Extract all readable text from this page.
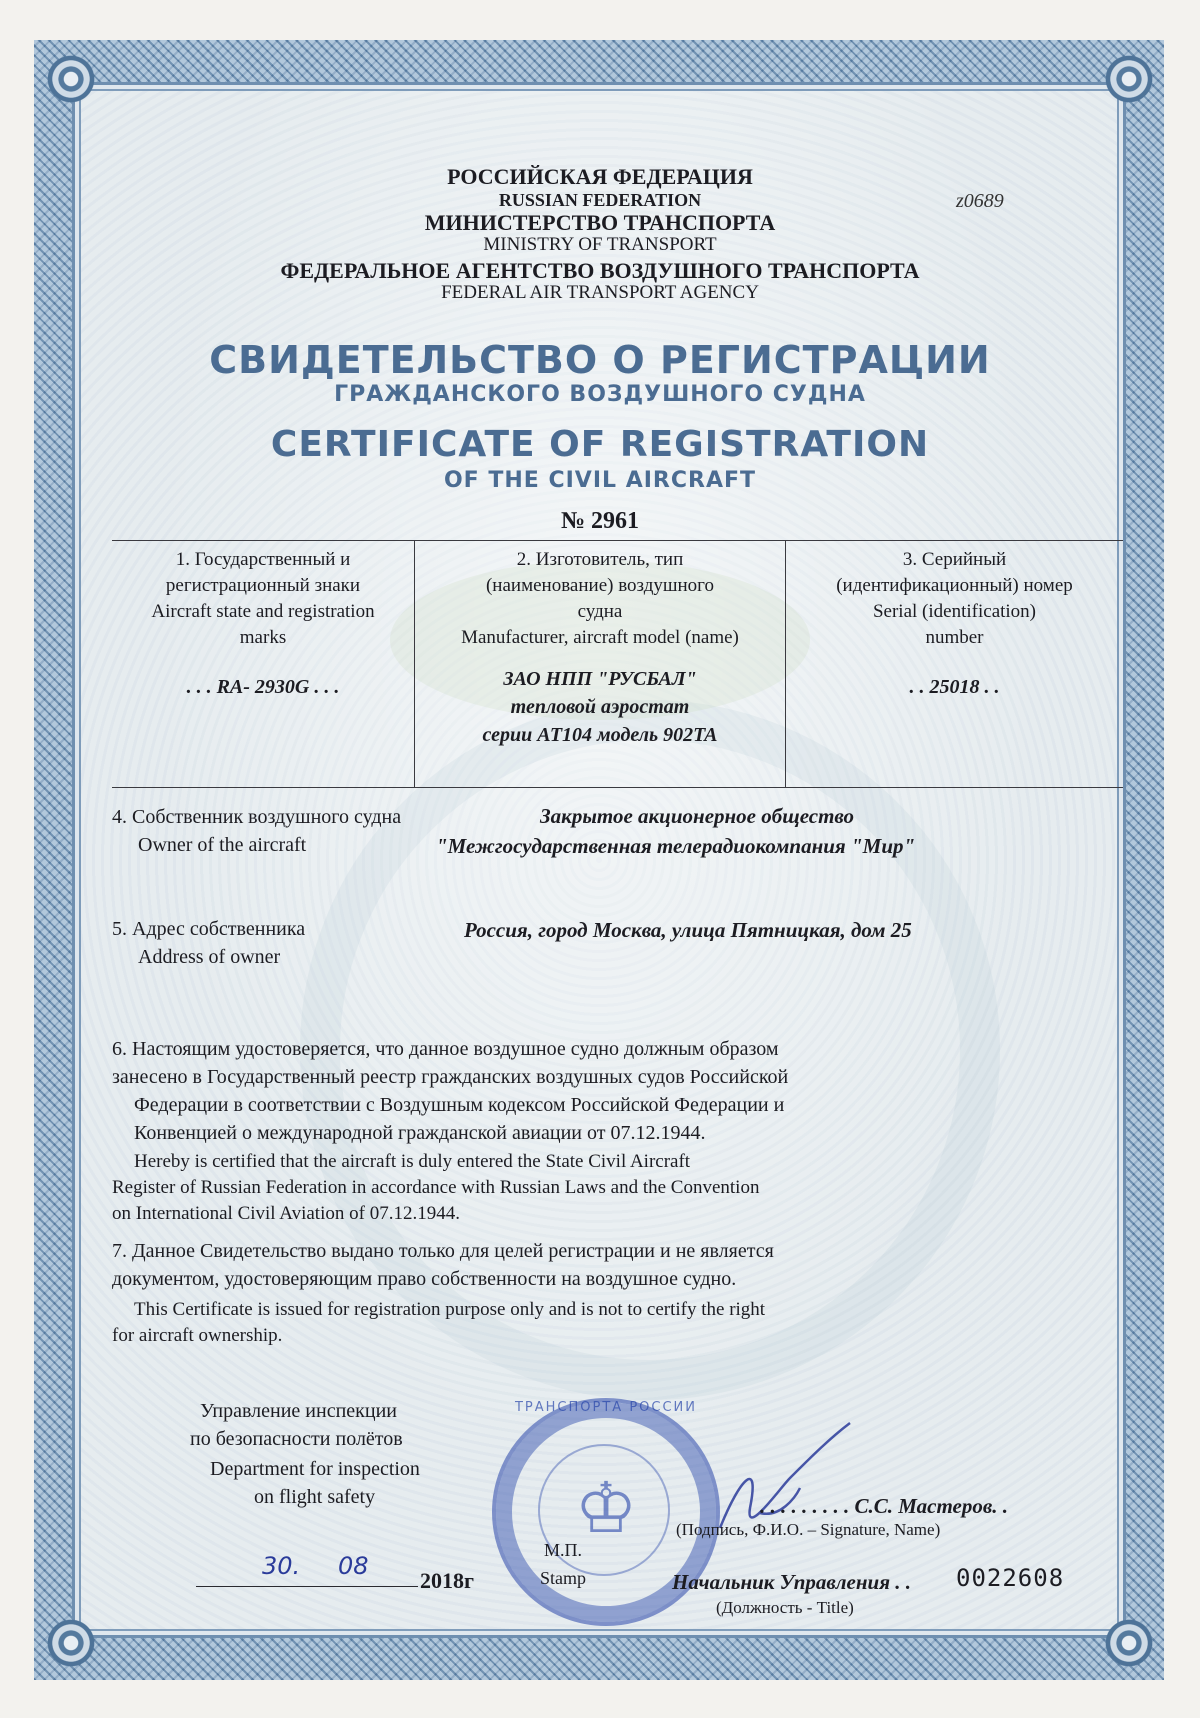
z0689
РОССИЙСКАЯ ФЕДЕРАЦИЯ
RUSSIAN FEDERATION
МИНИСТЕРСТВО ТРАНСПОРТА
MINISTRY OF TRANSPORT
ФЕДЕРАЛЬНОЕ АГЕНТСТВО ВОЗДУШНОГО ТРАНСПОРТА
FEDERAL AIR TRANSPORT AGENCY
СВИДЕТЕЛЬСТВО О РЕГИСТРАЦИИ
ГРАЖДАНСКОГО ВОЗДУШНОГО СУДНА
CERTIFICATE OF REGISTRATION
OF THE CIVIL AIRCRAFT
№ 2961
1. Государственный и
регистрационный знаки
Aircraft state and registration
marks
. . . RA- 2930G . . .

2. Изготовитель, тип
(наименование) воздушного
судна
Manufacturer, aircraft model (name)
ЗАО НПП "РУСБАЛ"
тепловой аэростат
серии АТ104 модель 902ТА

3. Серийный
(идентификационный) номер
Serial (identification)
number
. . 25018 . .
4. Собственник воздушного судна
Owner of the aircraft
Закрытое акционерное общество
"Межгосударственная телерадиокомпания "Мир"
5. Адрес собственника
Address of owner
Россия, город Москва, улица Пятницкая, дом 25
6. Настоящим удостоверяется, что данное воздушное судно должным образом
занесено в Государственный реестр гражданских воздушных судов Российской
Федерации в соответствии с Воздушным кодексом Российской Федерации и
Конвенцией о международной гражданской авиации от 07.12.1944.
Hereby is certified that the aircraft is duly entered the State Civil Aircraft
Register of Russian Federation in accordance with Russian Laws and the Convention
on International Civil Aviation of 07.12.1944.
7. Данное Свидетельство выдано только для целей регистрации и не является
документом, удостоверяющим право собственности на воздушное судно.
This Certificate is issued for registration purpose only and is not to certify the right
for aircraft ownership.
Управление инспекции
по безопасности полётов
Department for inspection
on flight safety
30. 08
2018г
ТРАНСПОРТА РОССИИ
♔
М.П.
Stamp
. . . . . . . . . С.С. Мастеров. .
(Подпись, Ф.И.О. – Signature, Name)
Начальник Управления . .
(Должность - Title)
0022608
